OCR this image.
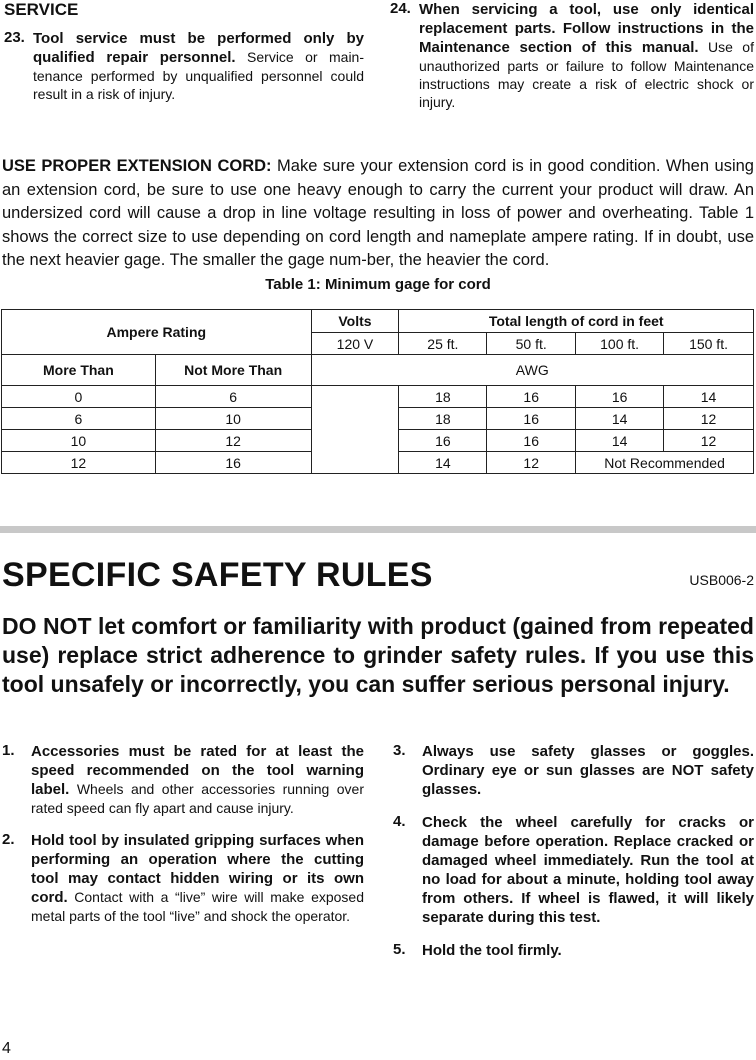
SERVICE

23. Tool service must be performed only by qualified repair personnel. Service or main-tenance performed by unqualified personnel could result in a risk of injury.
24. When servicing a tool, use only identical replacement parts. Follow instructions in the Maintenance section of this manual. Use of unauthorized parts or failure to follow Maintenance instructions may create a risk of electric shock or injury.
USE PROPER EXTENSION CORD: Make sure your extension cord is in good condition. When using an extension cord, be sure to use one heavy enough to carry the current your product will draw. An undersized cord will cause a drop in line voltage resulting in loss of power and overheating. Table 1 shows the correct size to use depending on cord length and nameplate ampere rating. If in doubt, use the next heavier gage. The smaller the gage num-ber, the heavier the cord.
Table 1: Minimum gage for cord
Ampere Rating		Volts	Total length of cord in feet			
		120 V	25 ft.	50 ft.	100 ft.	150 ft.
More Than	Not More Than	AWG				
0	6		18	16	16	14
6	10		18	16	14	12
10	12		16	16	14	12
12	16		14	12	Not Recommended	
SPECIFIC SAFETY RULES	USB006-2
DO NOT let comfort or familiarity with product (gained from repeated use) replace strict adherence to grinder safety rules. If you use this tool unsafely or incorrectly, you can suffer serious personal injury.
1.	Accessories must be rated for at least the speed recommended on the tool warning label. Wheels and other accessories running over rated speed can fly apart and cause injury.
2.	Hold tool by insulated gripping surfaces when performing an operation where the cutting tool may contact hidden wiring or its own cord. Contact with a “live” wire will make exposed metal parts of the tool “live” and shock the operator.
3.	Always use safety glasses or goggles. Ordinary eye or sun glasses are NOT safety glasses.
4.	Check the wheel carefully for cracks or damage before operation. Replace cracked or damaged wheel immediately. Run the tool at no load for about a minute, holding tool away from others. If wheel is flawed, it will likely separate during this test.
5.	Hold the tool firmly.
4
